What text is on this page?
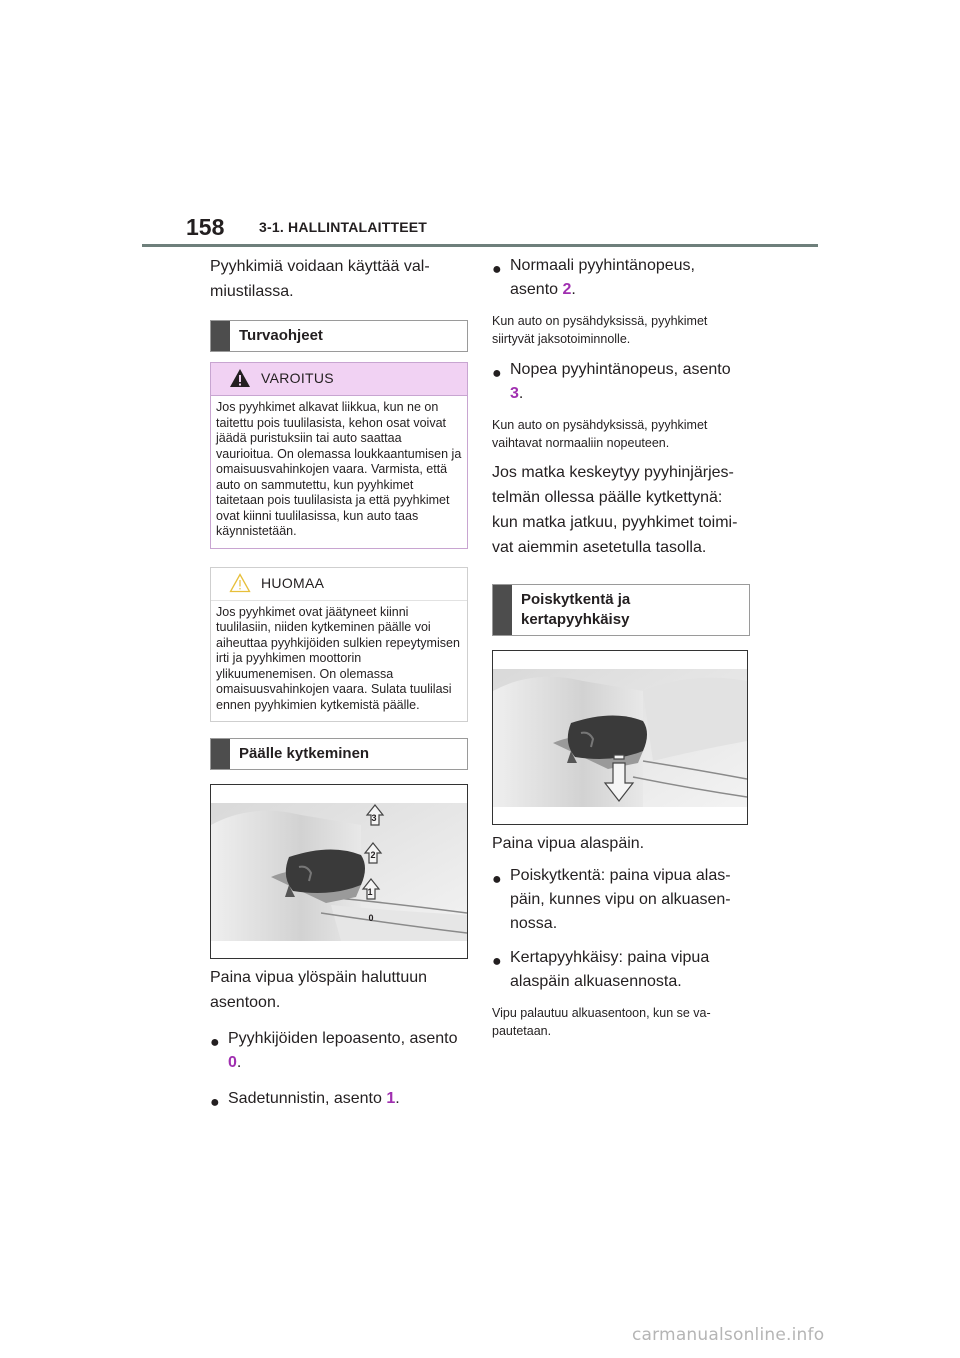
158 3-1. HALLINTALAITTEET

Pyyhkimiä voidaan käyttää val-

miustilassa.

Turvaohjeet
VAROITUS
Jos pyyhkimet alkavat liikkua, kun ne on taitettu pois tuulilasista, kehon osat voivat jäädä puristuksiin tai auto saattaa vaurioitua. On olemassa loukkaantumisen ja omaisuusvahinkojen vaara. Varmista, että auto on sammutettu, kun pyyhkimet taitetaan pois tuulilasista ja että pyyhkimet ovat kiinni tuulilasissa, kun auto taas käynnistetään.
HUOMAA
Jos pyyhkimet ovat jäätyneet kiinni tuulilasiin, niiden kytkeminen päälle voi aiheuttaa pyyhkijöiden sulkien repeytymisen irti ja pyyhkimen moottorin ylikuumenemisen. On olemassa omaisuusvahinkojen vaara. Sulata tuulilasi ennen pyyhkimien kytkemistä päälle.
Päälle kytkeminen
3
2
1
0

Paina vipua ylöspäin haluttuun

asentoon.

● Pyyhkijöiden lepoasento, asento
0.
● Sadetunnistin, asento 1.
● Normaali pyyhintänopeus,
asento 2.

Kun auto on pysähdyksissä, pyyhkimet

siirtyvät jaksotoiminnolle.

● Nopea pyyhintänopeus, asento
3.

Kun auto on pysähdyksissä, pyyhkimet

vaihtavat normaaliin nopeuteen.

Jos matka keskeytyy pyyhinjärjes-

telmän ollessa päälle kytkettynä:

kun matka jatkuu, pyyhkimet toimi-

vat aiemmin asetetulla tasolla.

Poiskytkentä ja
kertapyyhkäisy

Paina vipua alaspäin.

● Poiskytkentä: paina vipua alas-
päin, kunnes vipu on alkuasen-
nossa.
● Kertapyyhkäisy: paina vipua
alaspäin alkuasennosta.

Vipu palautuu alkuasentoon, kun se va-

pautetaan.

carmanualsonline.info
